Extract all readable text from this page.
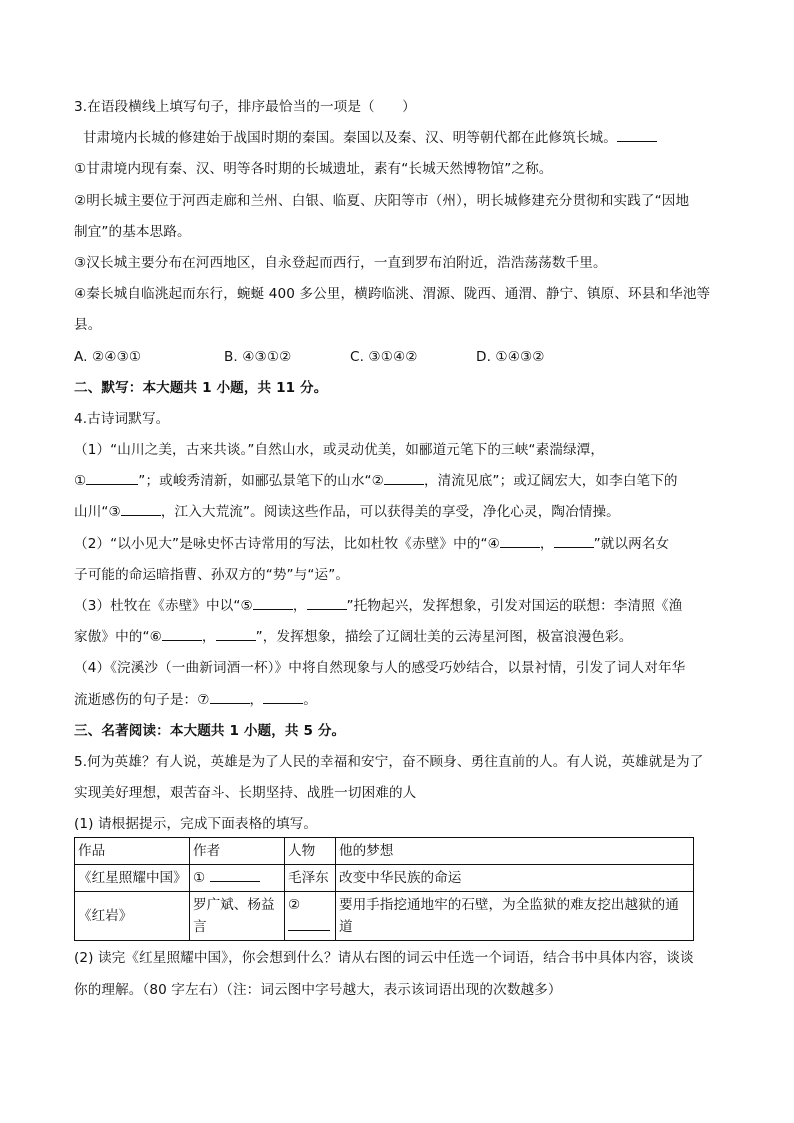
3.在语段横线上填写句子，排序最恰当的一项是（　　）
甘肃境内长城的修建始于战国时期的秦国。秦国以及秦、汉、明等朝代都在此修筑长城。
①甘肃境内现有秦、汉、明等各时期的长城遗址，素有“长城天然博物馆”之称。
②明长城主要位于河西走廊和兰州、白银、临夏、庆阳等市（州），明长城修建充分贯彻和实践了“因地
制宜”的基本思路。
③汉长城主要分布在河西地区，自永登起而西行，一直到罗布泊附近，浩浩荡荡数千里。
④秦长城自临洮起而东行，蜿蜒 400 多公里，横跨临洮、渭源、陇西、通渭、静宁、镇原、环县和华池等
县。
A. ②④③①	B. ④③①②	C. ③①④②	D. ①④③②
二、默写：本大题共 1 小题，共 11 分。
4.古诗词默写。
（1）“山川之美，古来共谈。”自然山水，或灵动优美，如郦道元笔下的三峡“素湍绿潭，
①	”；或峻秀清新，如郦弘景笔下的山水“②	，清流见底”；或辽阔宏大，如李白笔下的
山川“③	，江入大荒流”。阅读这些作品，可以获得美的享受，净化心灵，陶冶情操。
（2）“以小见大”是咏史怀古诗常用的写法，比如杜牧《赤壁》中的“④	，	”就以两名女
子可能的命运暗指曹、孙双方的“势”与“运”。
（3）杜牧在《赤壁》中以“⑤	，	”托物起兴，发挥想象，引发对国运的联想：李清照《渔
家傲》中的“⑥	，	”，发挥想象，描绘了辽阔壮美的云涛星河图，极富浪漫色彩。
（4）《浣溪沙（一曲新词酒一杯）》中将自然现象与人的感受巧妙结合，以景衬情，引发了词人对年华
流逝感伤的句子是：⑦	，	。
三、名著阅读：本大题共 1 小题，共 5 分。
5.何为英雄？有人说，英雄是为了人民的幸福和安宁，奋不顾身、勇往直前的人。有人说，英雄就是为了
实现美好理想，艰苦奋斗、长期坚持、战胜一切困难的人
(1) 请根据提示，完成下面表格的填写。
作品	作者	人物	他的梦想
《红星照耀中国》	①	毛泽东	改变中华民族的命运
《红岩》	罗广斌、杨益言	②	要用手指挖通地牢的石壁，为全监狱的难友挖出越狱的通道
(2) 读完《红星照耀中国》，你会想到什么？请从右图的词云中任选一个词语，结合书中具体内容，谈谈
你的理解。（80 字左右）（注：词云图中字号越大，表示该词语出现的次数越多）
